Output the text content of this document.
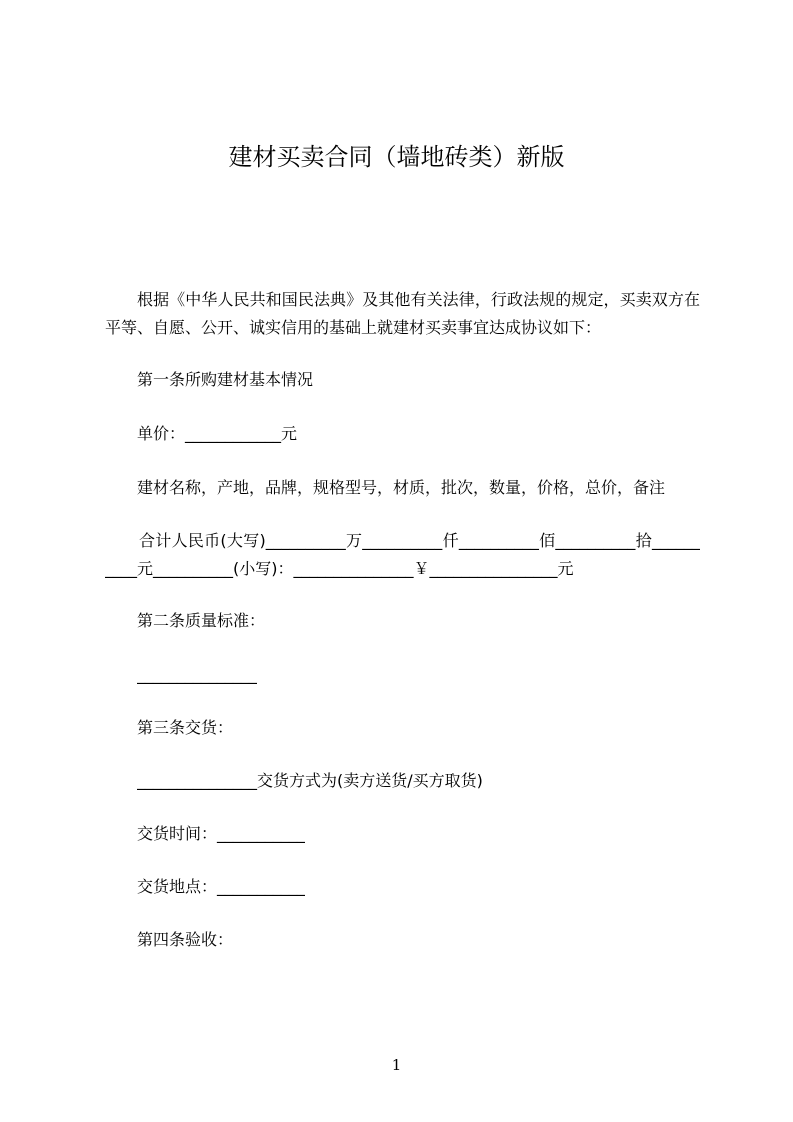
建材买卖合同（墙地砖类）新版
根据《中华人民共和国民法典》及其他有关法律，行政法规的规定，买卖双方在
平等、自愿、公开、诚实信用的基础上就建材买卖事宜达成协议如下：
第一条所购建材基本情况
单价：____________元
建材名称，产地，品牌，规格型号，材质，批次，数量，价格，总价，备注
合计人民币(大写)__________万__________仟__________佰__________拾______
____元__________(小写)：_______________￥________________元
第二条质量标准：
_______________
第三条交货：
_______________交货方式为(卖方送货/买方取货)
交货时间：___________
交货地点：___________
第四条验收：
1
